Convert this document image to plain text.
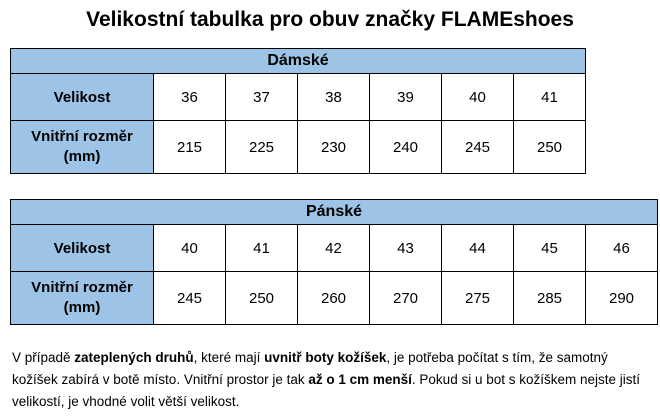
Velikostní tabulka pro obuv značky FLAMEshoes
Dámské						
Velikost	36	37	38	39	40	41
Vnitřní rozměr
(mm)	215	225	230	240	245	250
Pánské							
Velikost	40	41	42	43	44	45	46
Vnitřní rozměr
(mm)	245	250	260	270	275	285	290
V případě zateplených druhů, které mají uvnitř boty kožíšek, je potřeba počítat s tím, že samotný kožíšek zabírá v botě místo. Vnitřní prostor je tak až o 1 cm menší. Pokud si u bot s kožíškem nejste jistí velikostí, je vhodné volit větší velikost.
